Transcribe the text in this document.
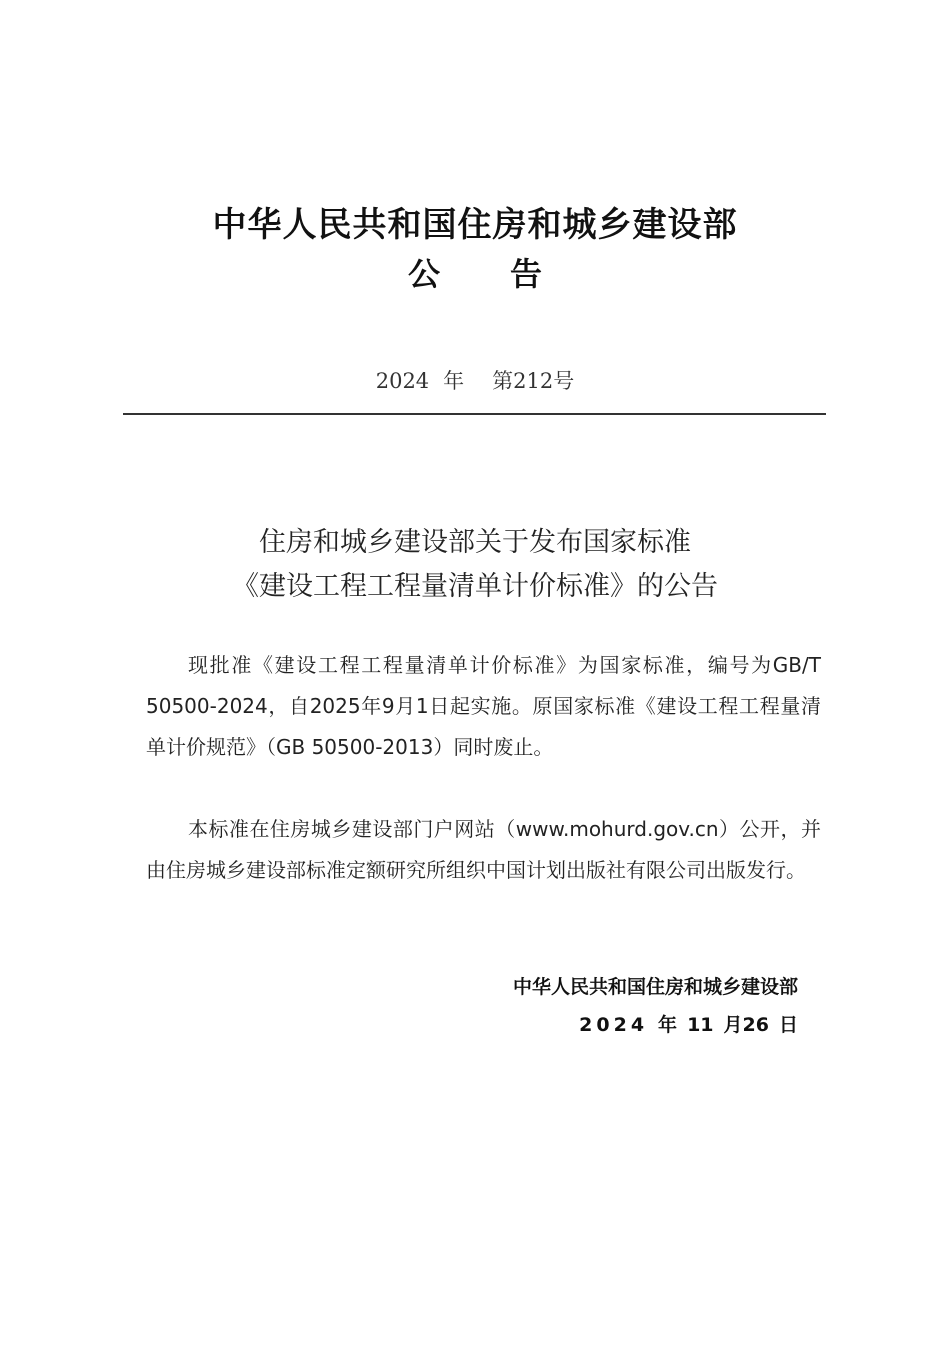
中华人民共和国住房和城乡建设部
公 告
2024 年 第212号
住房和城乡建设部关于发布国家标准
《建设工程工程量清单计价标准》的公告

现批准《建设工程工程量清单计价标准》为国家标准，编号为GB/T 50500-2024，自2025年9月1日起实施。原国家标准《建设工程工程量清单计价规范》（GB 50500-2013）同时废止。

本标准在住房城乡建设部门户网站（www.mohurd.gov.cn）公开，并由住房城乡建设部标准定额研究所组织中国计划出版社有限公司出版发行。

中华人民共和国住房和城乡建设部
2024 年 11 月26 日
